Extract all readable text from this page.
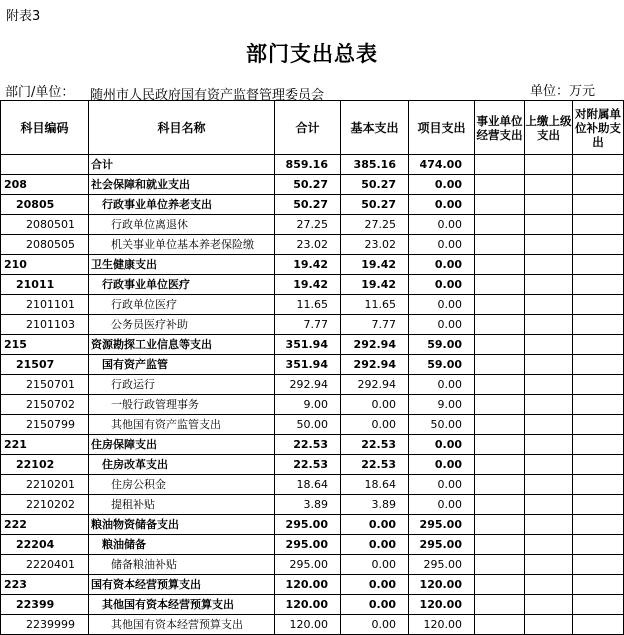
附表3
部门支出总表
部门/单位： 随州市人民政府国有资产监督管理委员会	单位：万元
科目编码	科目名称	合计	基本支出	项目支出	事业单位经营支出	上缴上级支出	对附属单位补助支出
	合计	859.16	385.16	474.00			
208	社会保障和就业支出	50.27	50.27	0.00			
20805	行政事业单位养老支出	50.27	50.27	0.00			
2080501	行政单位离退休	27.25	27.25	0.00			
2080505	机关事业单位基本养老保险缴	23.02	23.02	0.00			
210	卫生健康支出	19.42	19.42	0.00			
21011	行政事业单位医疗	19.42	19.42	0.00			
2101101	行政单位医疗	11.65	11.65	0.00			
2101103	公务员医疗补助	7.77	7.77	0.00			
215	资源勘探工业信息等支出	351.94	292.94	59.00			
21507	国有资产监管	351.94	292.94	59.00			
2150701	行政运行	292.94	292.94	0.00			
2150702	一般行政管理事务	9.00	0.00	9.00			
2150799	其他国有资产监管支出	50.00	0.00	50.00			
221	住房保障支出	22.53	22.53	0.00			
22102	住房改革支出	22.53	22.53	0.00			
2210201	住房公积金	18.64	18.64	0.00			
2210202	提租补贴	3.89	3.89	0.00			
222	粮油物资储备支出	295.00	0.00	295.00			
22204	粮油储备	295.00	0.00	295.00			
2220401	储备粮油补贴	295.00	0.00	295.00			
223	国有资本经营预算支出	120.00	0.00	120.00			
22399	其他国有资本经营预算支出	120.00	0.00	120.00			
2239999	其他国有资本经营预算支出	120.00	0.00	120.00			
